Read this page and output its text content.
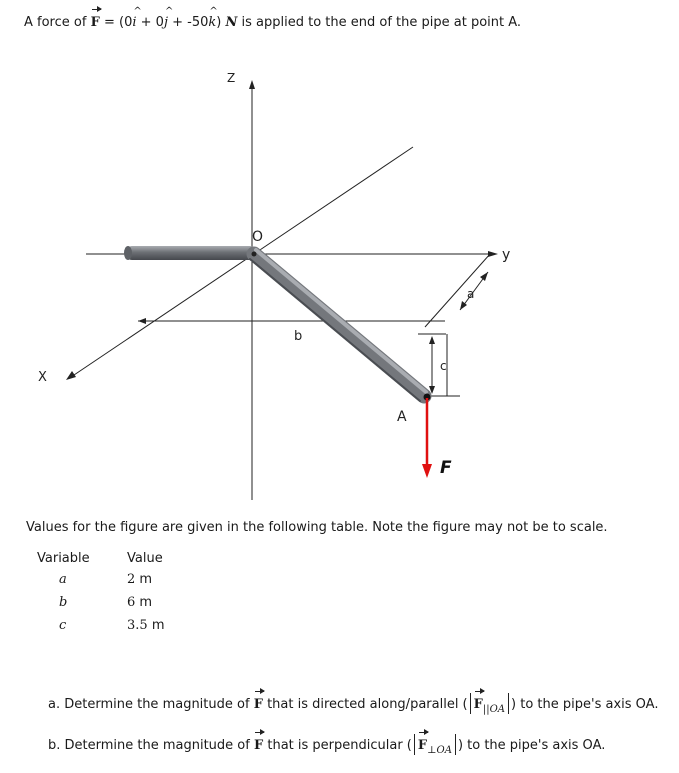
A force of F = (0^ i + 0^ j + -50^ k) N is applied to the end of the pipe at point A.
Z
y
X
O
a
b
c
A
F
Values for the figure are given in the following table. Note the figure may not be to scale.
Variable	Value
a	2 m
b	6 m
c	3.5 m
a. Determine the magnitude of F that is directed along/parallel ( $F_{||OA}$ ) to the pipe's axis OA.
b. Determine the magnitude of F that is perpendicular ( $F_{\perp OA}$ ) to the pipe's axis OA.
